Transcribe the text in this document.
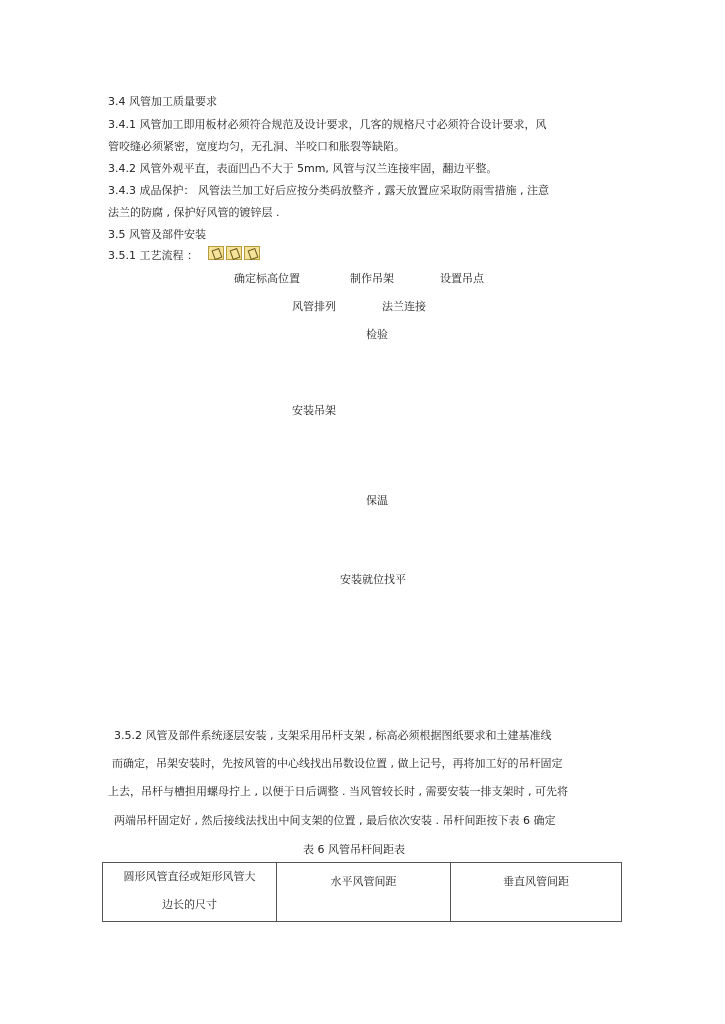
3.4 风管加工质量要求
3.4.1 风管加工即用板材必须符合规范及设计要求，几客的规格尺寸必须符合设计要求，风
管咬缝必须紧密，宽度均匀，无孔洞、半咬口和胀裂等缺陷。
3.4.2 风管外观平直，表面凹凸不大于 5mm, 风管与汉兰连接牢固，翻边平整。
3.4.3 成品保护： 风管法兰加工好后应按分类码放整齐 , 露天放置应采取防雨雪措施 , 注意
法兰的防腐 , 保护好风管的镀锌层 .
3.5 风管及部件安装
3.5.1 工艺流程 ：
确定标高位置	制作吊架	设置吊点
风管排列	法兰连接
检验
安装吊架
保温
安装就位找平
3.5.2 风管及部件系统逐层安装 , 支架采用吊杆支架 , 标高必须根据图纸要求和土建基准线
而确定，吊架安装时，先按风管的中心线找出吊数设位置 , 做上记号，再将加工好的吊杆固定
上去，吊杆与槽担用螺母拧上 , 以便于日后调整 . 当风管较长时 , 需要安装一排支架时 , 可先将
两端吊杆固定好 , 然后接线法找出中间支架的位置 , 最后依次安装 . 吊杆间距按下表 6 确定
表 6 风管吊杆间距表
圆形风管直径或矩形风管大
边长的尺寸
	水平风管间距	垂直风管间距
